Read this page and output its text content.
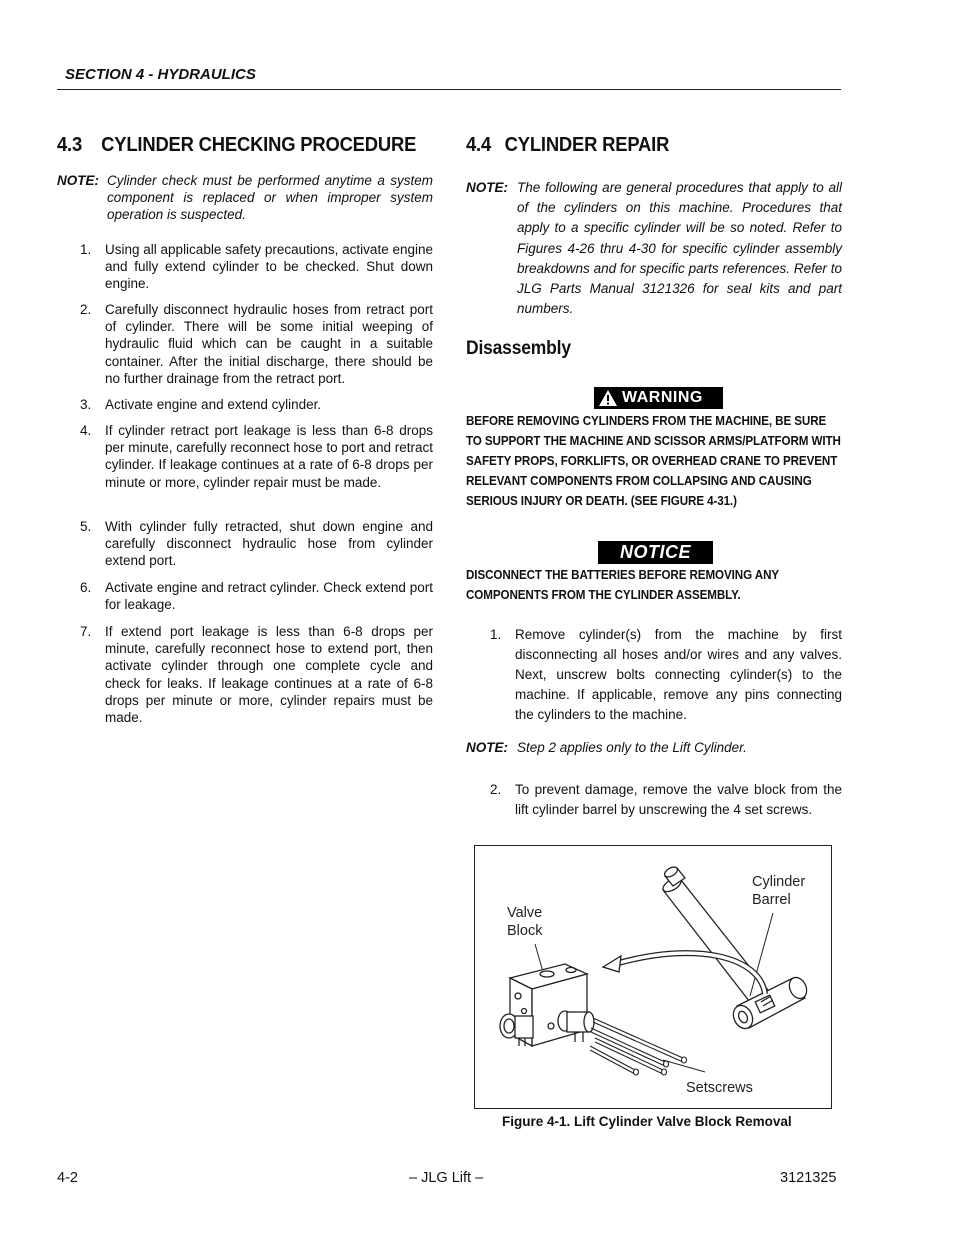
SECTION 4 - HYDRAULICS
4.3 CYLINDER CHECKING PROCEDURE
NOTE: Cylinder check must be performed anytime a system component is replaced or when improper system operation is suspected.
1. Using all applicable safety precautions, activate engine and fully extend cylinder to be checked. Shut down engine.
2. Carefully disconnect hydraulic hoses from retract port of cylinder. There will be some initial weeping of hydraulic fluid which can be caught in a suitable container. After the initial discharge, there should be no further drainage from the retract port.
3. Activate engine and extend cylinder.
4. If cylinder retract port leakage is less than 6-8 drops per minute, carefully reconnect hose to port and retract cylinder. If leakage continues at a rate of 6-8 drops per minute or more, cylinder repair must be made.
5. With cylinder fully retracted, shut down engine and carefully disconnect hydraulic hose from cylinder extend port.
6. Activate engine and retract cylinder. Check extend port for leakage.
7. If extend port leakage is less than 6-8 drops per minute, carefully reconnect hose to extend port, then activate cylinder through one complete cycle and check for leaks. If leakage continues at a rate of 6-8 drops per minute or more, cylinder repairs must be made.
4.4 CYLINDER REPAIR
NOTE: The following are general procedures that apply to all of the cylinders on this machine. Procedures that apply to a specific cylinder will be so noted. Refer to Figures 4-26 thru 4-30 for specific cylinder assembly breakdowns and for specific parts references. Refer to JLG Parts Manual 3121326 for seal kits and part numbers.
Disassembly
WARNING
BEFORE REMOVING CYLINDERS FROM THE MACHINE, BE SURE TO SUPPORT THE MACHINE AND SCISSOR ARMS/PLATFORM WITH SAFETY PROPS, FORKLIFTS, OR OVERHEAD CRANE TO PREVENT RELEVANT COMPONENTS FROM COLLAPSING AND CAUSING SERIOUS INJURY OR DEATH. (SEE FIGURE 4-31.)
NOTICE
DISCONNECT THE BATTERIES BEFORE REMOVING ANY COMPONENTS FROM THE CYLINDER ASSEMBLY.
1. Remove cylinder(s) from the machine by first disconnecting all hoses and/or wires and any valves. Next, unscrew bolts connecting cylinder(s) to the machine. If applicable, remove any pins connecting the cylinders to the machine.
NOTE: Step 2 applies only to the Lift Cylinder.
2. To prevent damage, remove the valve block from the lift cylinder barrel by unscrewing the 4 set screws.
Cylinder
Barrel
Valve
Block
Setscrews
Figure 4-1. Lift Cylinder Valve Block Removal
4-2	– JLG Lift –	3121325
